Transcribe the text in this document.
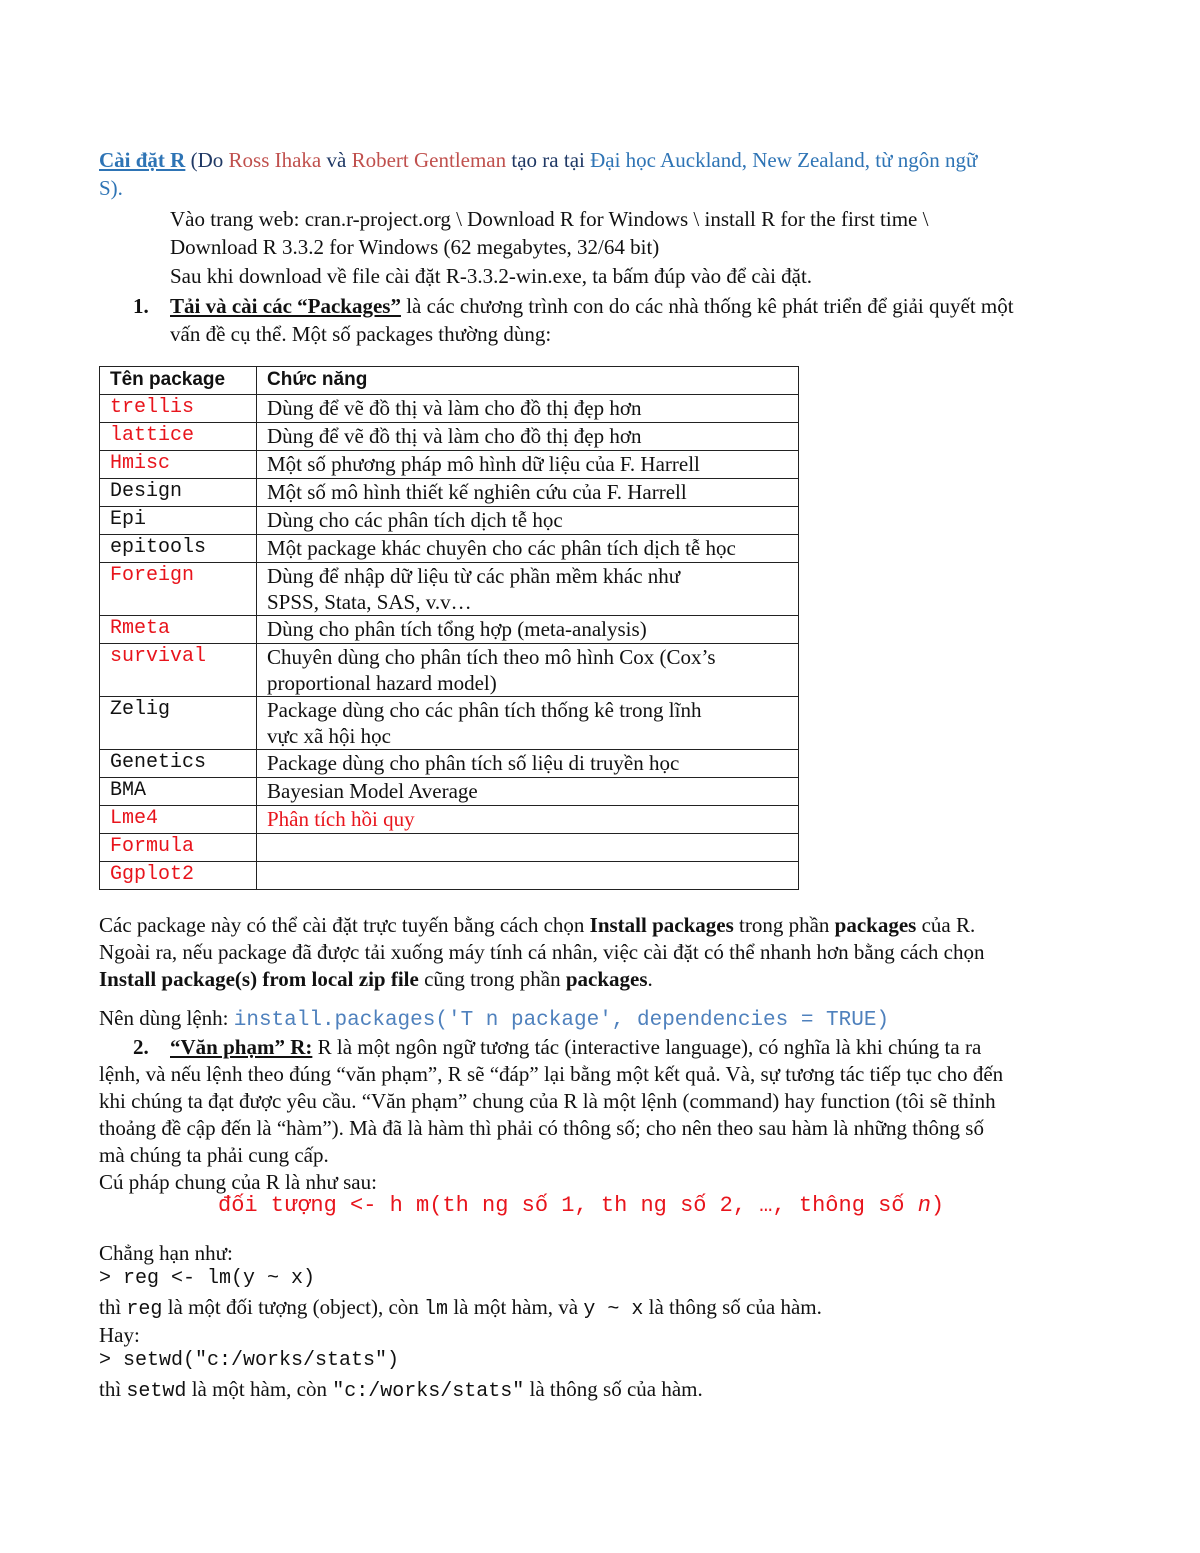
Cài đặt R (Do Ross Ihaka và Robert Gentleman tạo ra tại Đại học Auckland, New Zealand, từ ngôn ngữ
S).
Vào trang web: cran.r-project.org \ Download R for Windows \ install R for the first time \
Download R 3.3.2 for Windows (62 megabytes, 32/64 bit)
Sau khi download về file cài đặt R-3.3.2-win.exe, ta bấm đúp vào để cài đặt.
1. Tải và cài các “Packages” là các chương trình con do các nhà thống kê phát triển để giải quyết một
vấn đề cụ thể. Một số packages thường dùng:
Tên package	Chức năng
trellis	Dùng để vẽ đồ thị và làm cho đồ thị đẹp hơn
lattice	Dùng để vẽ đồ thị và làm cho đồ thị đẹp hơn
Hmisc	Một số phương pháp mô hình dữ liệu của F. Harrell
Design	Một số mô hình thiết kế nghiên cứu của F. Harrell
Epi	Dùng cho các phân tích dịch tễ học
epitools	Một package khác chuyên cho các phân tích dịch tễ học
Foreign	Dùng để nhập dữ liệu từ các phần mềm khác như
SPSS, Stata, SAS, v.v…

Rmeta	Dùng cho phân tích tổng hợp (meta-analysis)
survival	Chuyên dùng cho phân tích theo mô hình Cox (Cox’s
proportional hazard model)

Zelig	Package dùng cho các phân tích thống kê trong lĩnh
vực xã hội học

Genetics	Package dùng cho phân tích số liệu di truyền học
BMA	Bayesian Model Average
Lme4	Phân tích hồi quy
Formula	
Ggplot2	
Các package này có thể cài đặt trực tuyến bằng cách chọn Install packages trong phần packages của R.
Ngoài ra, nếu package đã được tải xuống máy tính cá nhân, việc cài đặt có thể nhanh hơn bằng cách chọn
Install package(s) from local zip file cũng trong phần packages.
Nên dùng lệnh: install.packages('T n package', dependencies = TRUE)
2. “Văn phạm” R: R là một ngôn ngữ tương tác (interactive language), có nghĩa là khi chúng ta ra
lệnh, và nếu lệnh theo đúng “văn phạm”, R sẽ “đáp” lại bằng một kết quả. Và, sự tương tác tiếp tục cho đến
khi chúng ta đạt được yêu cầu. “Văn phạm” chung của R là một lệnh (command) hay function (tôi sẽ thỉnh
thoảng đề cập đến là “hàm”). Mà đã là hàm thì phải có thông số; cho nên theo sau hàm là những thông số
mà chúng ta phải cung cấp.
Cú pháp chung của R là như sau:
đối tượng <- h m(th ng số 1, th ng số 2, …, thông số n)
Chẳng hạn như:
> reg <- lm(y ~ x)
thì reg là một đối tượng (object), còn lm là một hàm, và y ~ x là thông số của hàm.
Hay:
> setwd("c:/works/stats")
thì setwd là một hàm, còn "c:/works/stats" là thông số của hàm.
